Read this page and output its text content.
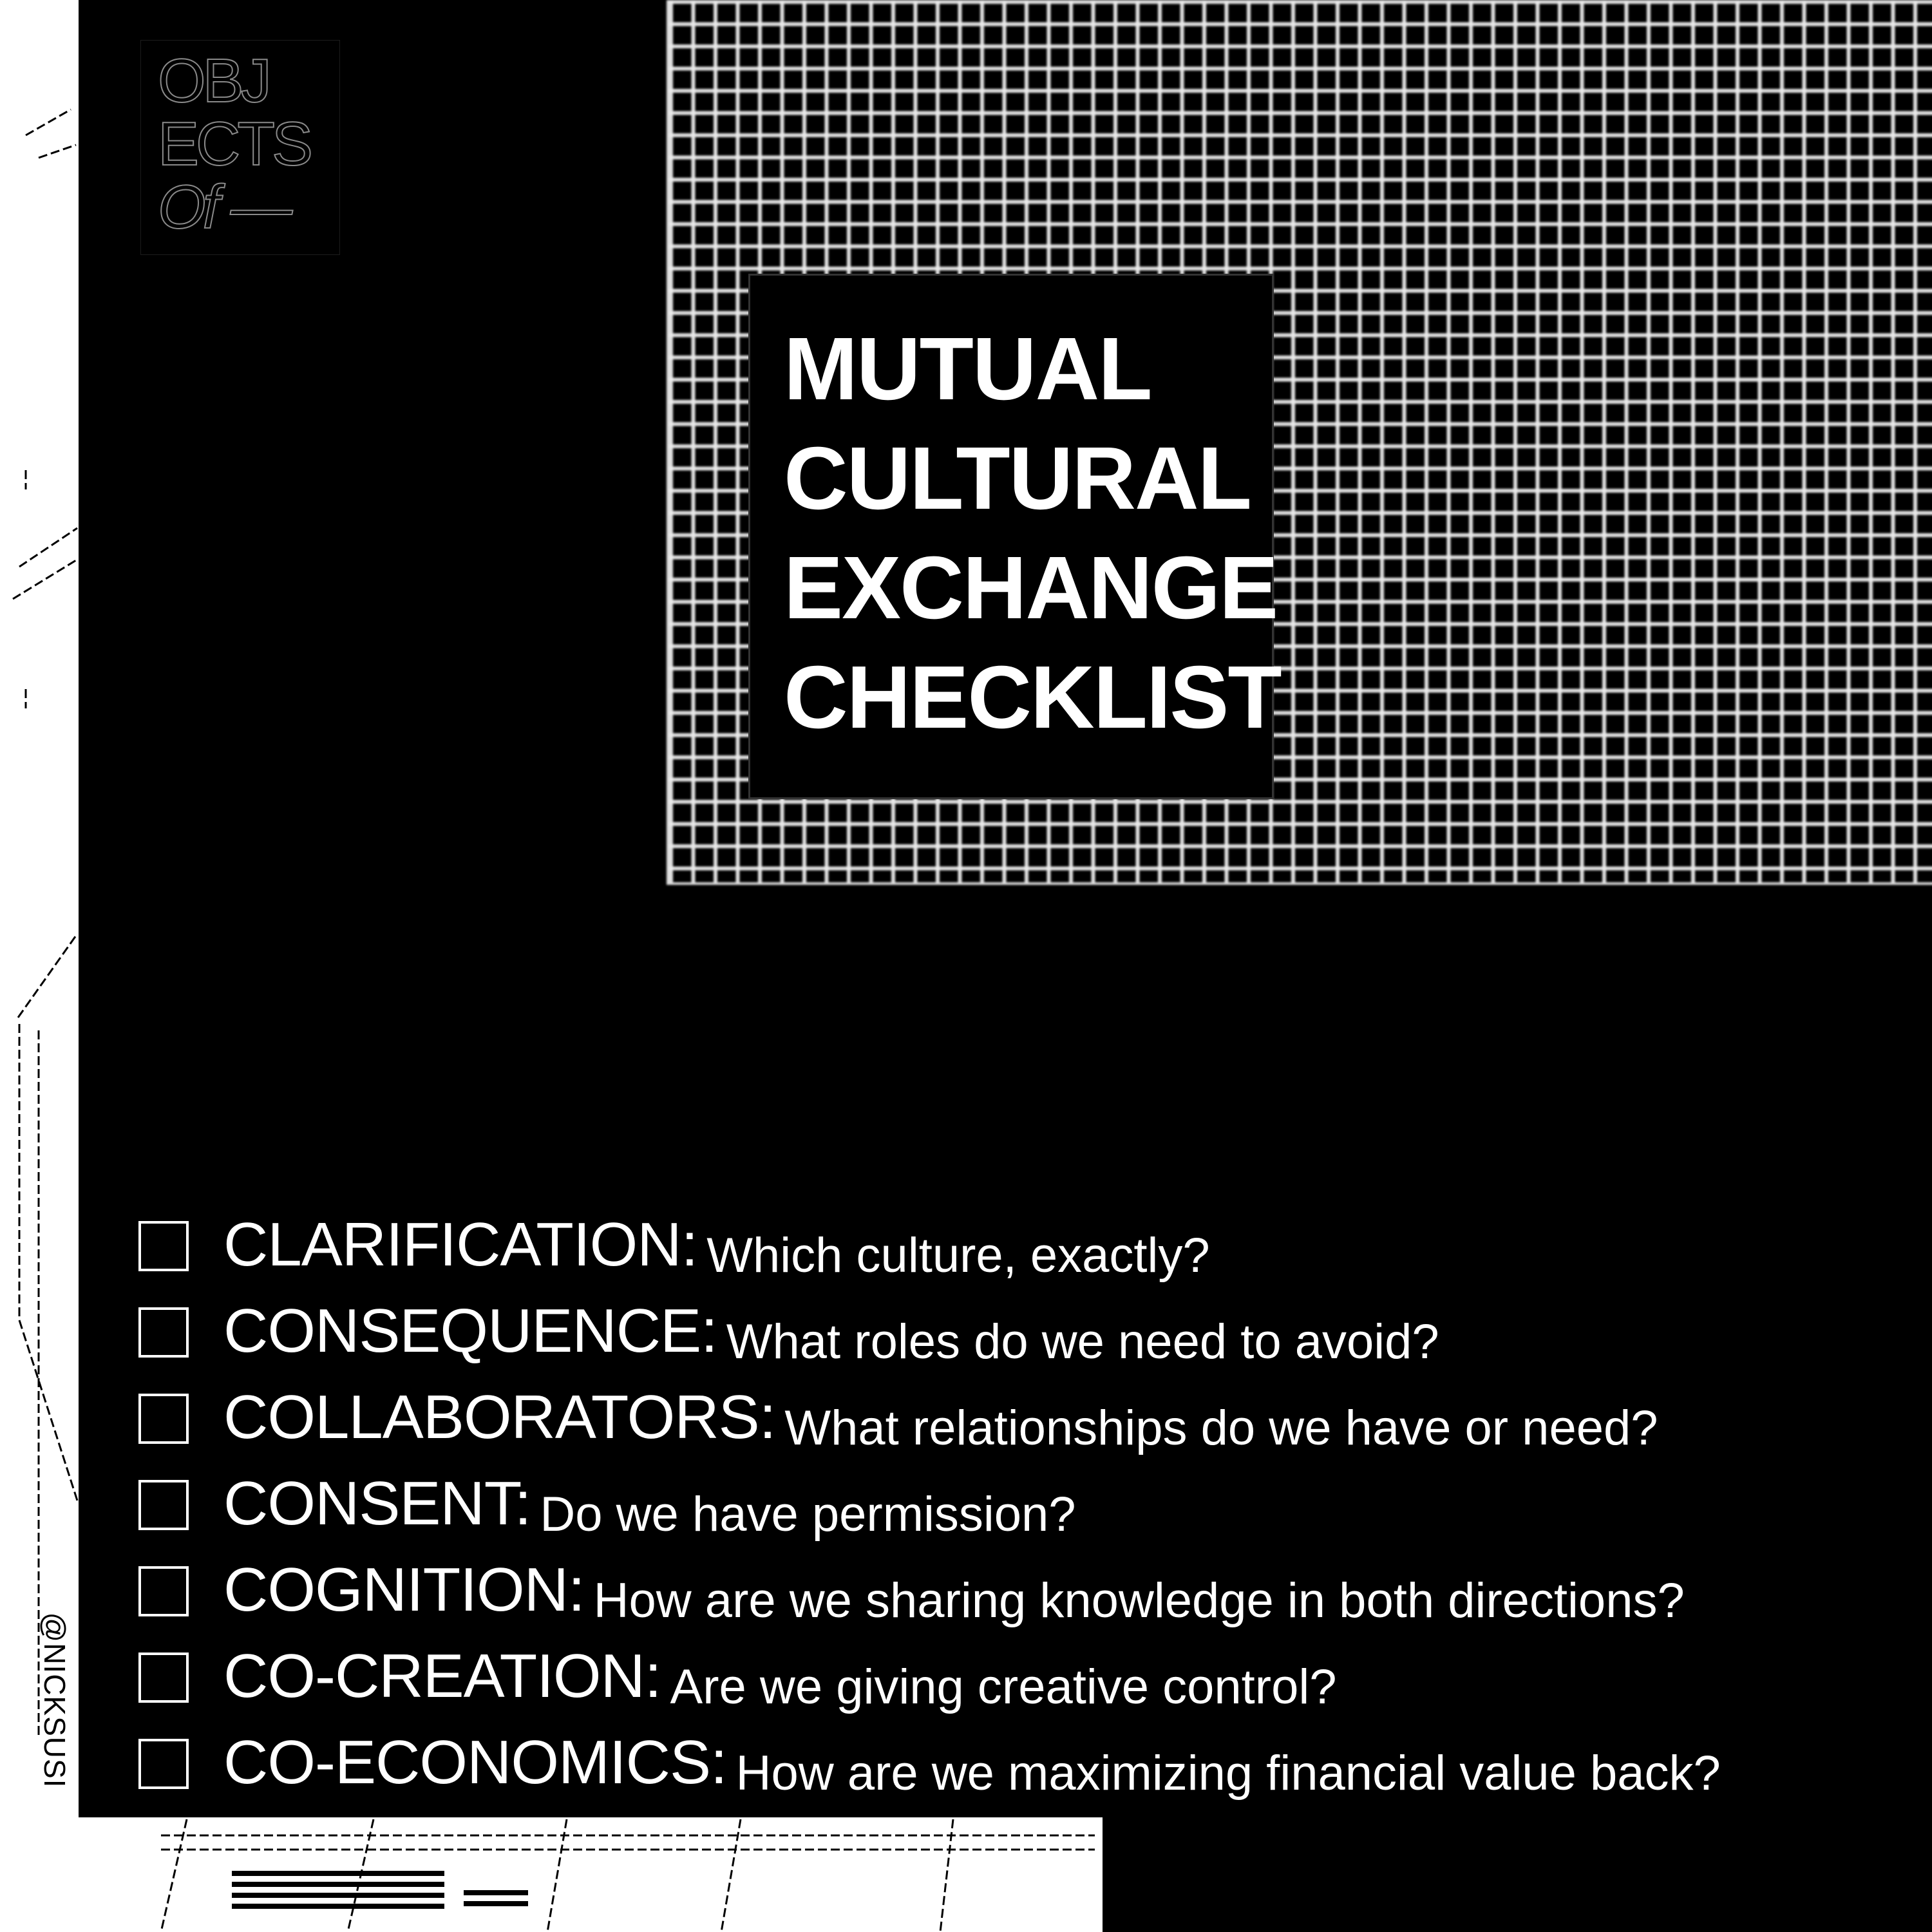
OBJ
ECTS
Of —
MUTUAL
CULTURAL
EXCHANGE
CHECKLIST
CLARIFICATION: Which culture, exactly?
CONSEQUENCE: What roles do we need to avoid?
COLLABORATORS: What relationships do we have or need?
CONSENT: Do we have permission?
COGNITION: How are we sharing knowledge in both directions?
CO-CREATION: Are we giving creative control?
CO-ECONOMICS: How are we maximizing financial value back?
@NICKSUSI
